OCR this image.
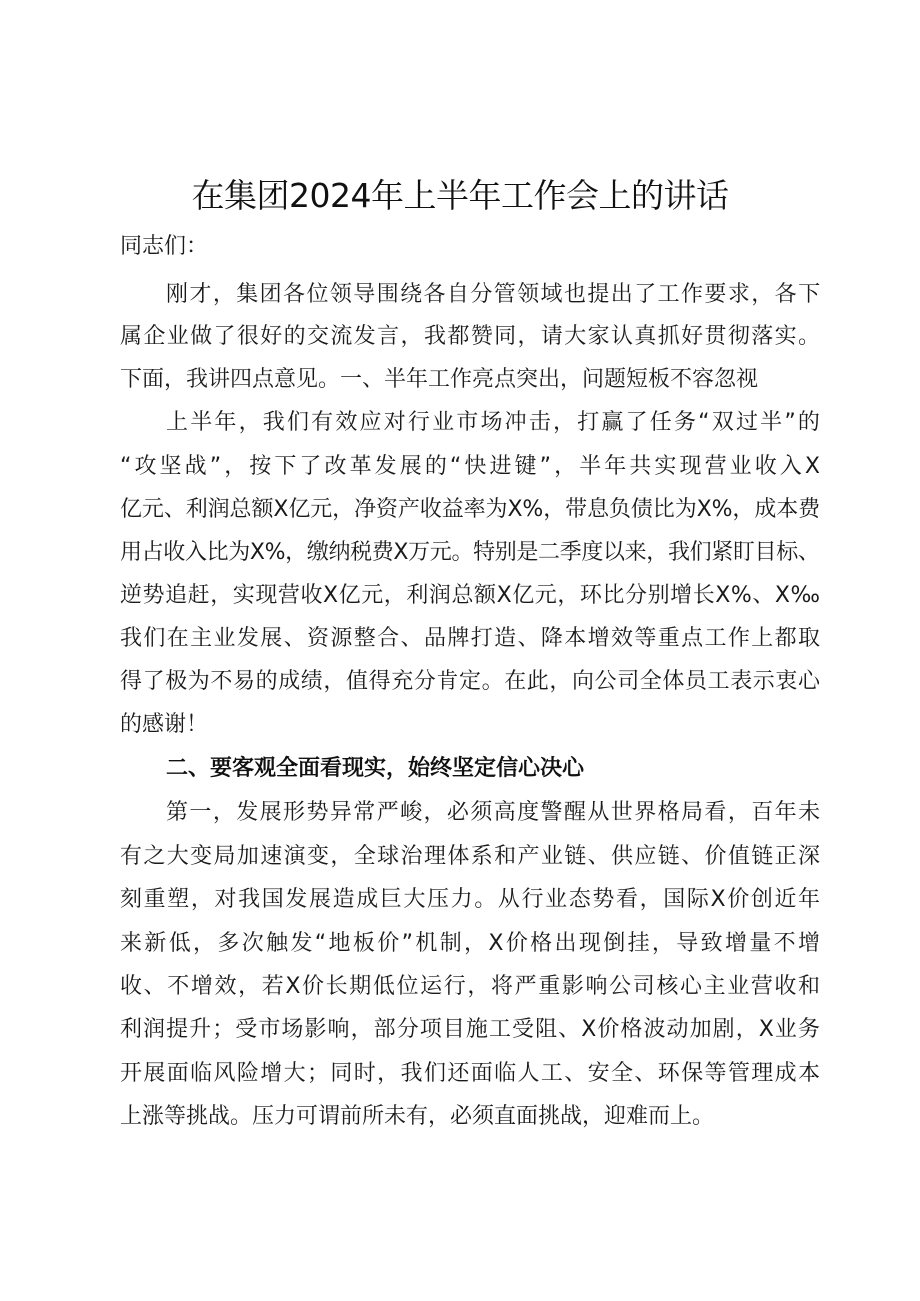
在集团2024年上半年工作会上的讲话
同志们：
刚才，集团各位领导围绕各自分管领域也提出了工作要求，各下
属企业做了很好的交流发言，我都赞同，请大家认真抓好贯彻落实。
下面，我讲四点意见。一、半年工作亮点突出，问题短板不容忽视
上半年，我们有效应对行业市场冲击，打赢了任务“双过半”的
“攻坚战”，按下了改革发展的“快进键”，半年共实现营业收入X
亿元、利润总额X亿元，净资产收益率为X%，带息负债比为X%，成本费
用占收入比为X%，缴纳税费X万元。特别是二季度以来，我们紧盯目标、
逆势追赶，实现营收X亿元，利润总额X亿元，环比分别增长X%、X‰
我们在主业发展、资源整合、品牌打造、降本增效等重点工作上都取
得了极为不易的成绩，值得充分肯定。在此，向公司全体员工表示衷心
的感谢！
二、要客观全面看现实，始终坚定信心决心
第一，发展形势异常严峻，必须高度警醒从世界格局看，百年未
有之大变局加速演变，全球治理体系和产业链、供应链、价值链正深
刻重塑，对我国发展造成巨大压力。从行业态势看，国际X价创近年
来新低，多次触发“地板价”机制，X价格出现倒挂，导致增量不增
收、不增效，若X价长期低位运行，将严重影响公司核心主业营收和
利润提升；受市场影响，部分项目施工受阻、X价格波动加剧，X业务
开展面临风险增大；同时，我们还面临人工、安全、环保等管理成本
上涨等挑战。压力可谓前所未有，必须直面挑战，迎难而上。
